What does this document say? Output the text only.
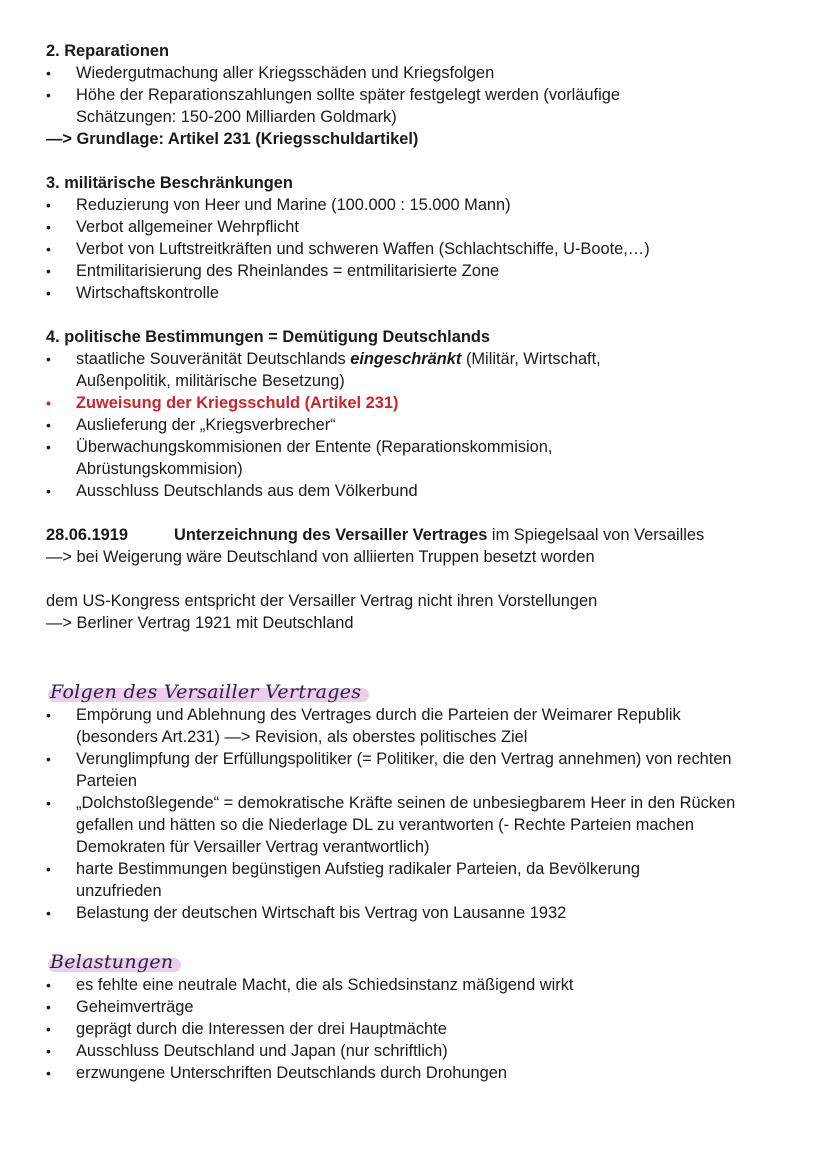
2. Reparationen
• Wiedergutmachung aller Kriegsschäden und Kriegsfolgen
• Höhe der Reparationszahlungen sollte später festgelegt werden (vorläufige Schätzungen: 150-200 Milliarden Goldmark)
—> Grundlage: Artikel 231 (Kriegsschuldartikel)
3. militärische Beschränkungen
• Reduzierung von Heer und Marine (100.000 : 15.000 Mann)
• Verbot allgemeiner Wehrpflicht
• Verbot von Luftstreitkräften und schweren Waffen (Schlachtschiffe, U-Boote,…)
• Entmilitarisierung des Rheinlandes = entmilitarisierte Zone
• Wirtschaftskontrolle
4. politische Bestimmungen = Demütigung Deutschlands
• staatliche Souveränität Deutschlands eingeschränkt (Militär, Wirtschaft, Außenpolitik, militärische Besetzung)
• Zuweisung der Kriegsschuld (Artikel 231)
• Auslieferung der „Kriegsverbrecher“
• Überwachungskommisionen der Entente (Reparationskommision, Abrüstungskommision)
• Ausschluss Deutschlands aus dem Völkerbund
28.06.1919	Unterzeichnung des Versailler Vertrages im Spiegelsaal von Versailles
—> bei Weigerung wäre Deutschland von alliierten Truppen besetzt worden
dem US-Kongress entspricht der Versailler Vertrag nicht ihren Vorstellungen
—> Berliner Vertrag 1921 mit Deutschland
Folgen des Versailler Vertrages
• Empörung und Ablehnung des Vertrages durch die Parteien der Weimarer Republik (besonders Art.231) —> Revision, als oberstes politisches Ziel
• Verunglimpfung der Erfüllungspolitiker (= Politiker, die den Vertrag annehmen) von rechten Parteien
• „Dolchstoßlegende“ = demokratische Kräfte seinen de unbesiegbarem Heer in den Rücken gefallen und hätten so die Niederlage DL zu verantworten (- Rechte Parteien machen Demokraten für Versailler Vertrag verantwortlich)
• harte Bestimmungen begünstigen Aufstieg radikaler Parteien, da Bevölkerung unzufrieden
• Belastung der deutschen Wirtschaft bis Vertrag von Lausanne 1932
Belastungen
• es fehlte eine neutrale Macht, die als Schiedsinstanz mäßigend wirkt
• Geheimverträge
• geprägt durch die Interessen der drei Hauptmächte
• Ausschluss Deutschland und Japan (nur schriftlich)
• erzwungene Unterschriften Deutschlands durch Drohungen
